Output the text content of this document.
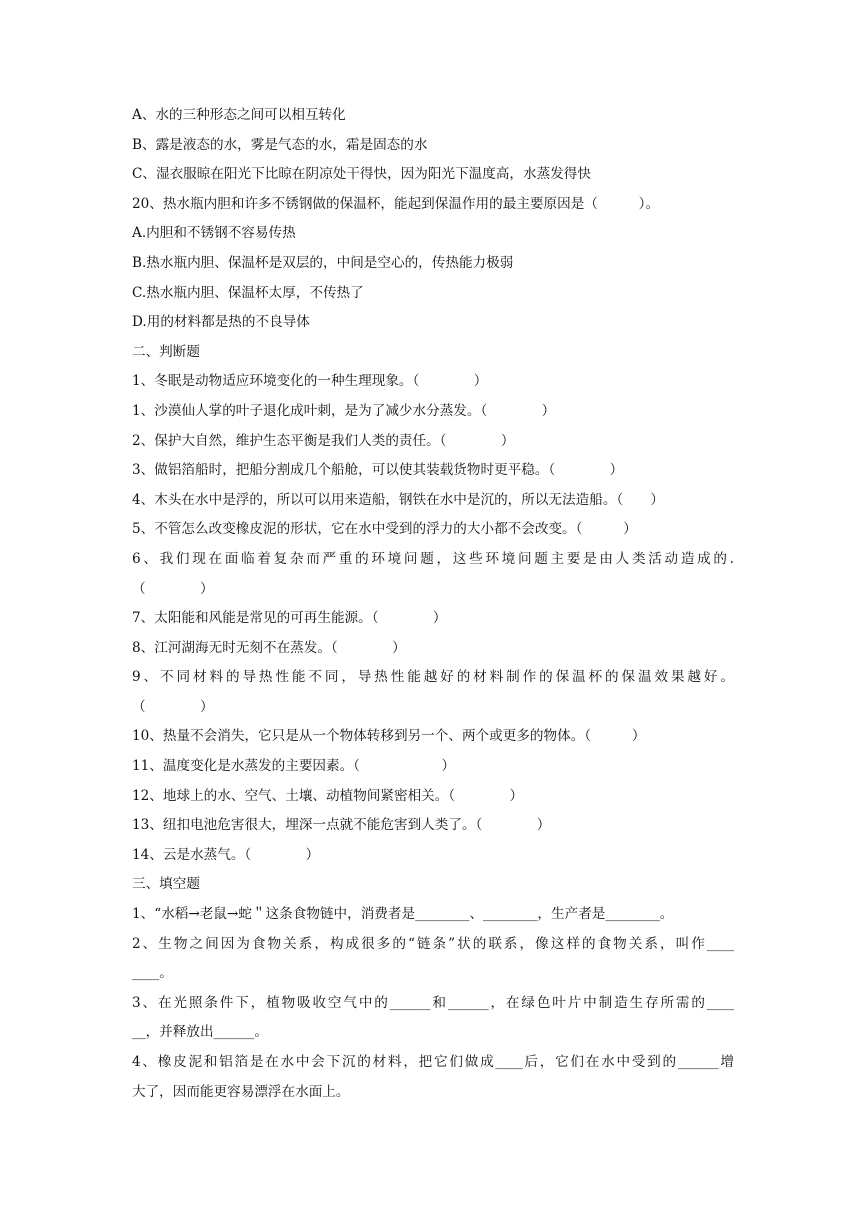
A、水的三种形态之间可以相互转化
B、露是液态的水，雾是气态的水，霜是固态的水
C、湿衣服晾在阳光下比晾在阴凉处干得快，因为阳光下温度高，水蒸发得快
20、热水瓶内胆和许多不锈钢做的保温杯，能起到保温作用的最主要原因是（　　　）。
A.内胆和不锈钢不容易传热
B.热水瓶内胆、保温杯是双层的，中间是空心的，传热能力极弱
C.热水瓶内胆、保温杯太厚，不传热了
D.用的材料都是热的不良导体
二、判断题
1、冬眠是动物适应环境变化的一种生理现象。（　　　　）
1、沙漠仙人掌的叶子退化成叶刺，是为了减少水分蒸发。（　　　　）
2、保护大自然，维护生态平衡是我们人类的责任。（　　　　）
3、做铝箔船时，把船分割成几个船舱，可以使其装载货物时更平稳。（　　　　）
4、木头在水中是浮的，所以可以用来造船，钢铁在水中是沉的，所以无法造船。（　　）
5、不管怎么改变橡皮泥的形状，它在水中受到的浮力的大小都不会改变。（　　　）
6、我们现在面临着复杂而严重的环境问题，这些环境问题主要是由人类活动造成的.
（　　　　）
7、太阳能和风能是常见的可再生能源。（　　　　）
8、江河湖海无时无刻不在蒸发。（　　　　）
9、不同材料的导热性能不同，导热性能越好的材料制作的保温杯的保温效果越好。
（　　　　）
10、热量不会消失，它只是从一个物体转移到另一个、两个或更多的物体。（　　　）
11、温度变化是水蒸发的主要因素。（　　　　　　）
12、地球上的水、空气、土壤、动植物间紧密相关。（　　　　）
13、纽扣电池危害很大，埋深一点就不能危害到人类了。（　　　　）
14、云是水蒸气。（　　　　）
三、填空题
1、“水稻→老鼠→蛇＂这条食物链中，消费者是________、________，生产者是________。
2、生物之间因为食物关系，构成很多的“链条”状的联系，像这样的食物关系，叫作____
____。
3、在光照条件下，植物吸收空气中的______和______，在绿色叶片中制造生存所需的____
__，并释放出______。
4、橡皮泥和铝箔是在水中会下沉的材料，把它们做成____后，它们在水中受到的______增
大了，因而能更容易漂浮在水面上。
